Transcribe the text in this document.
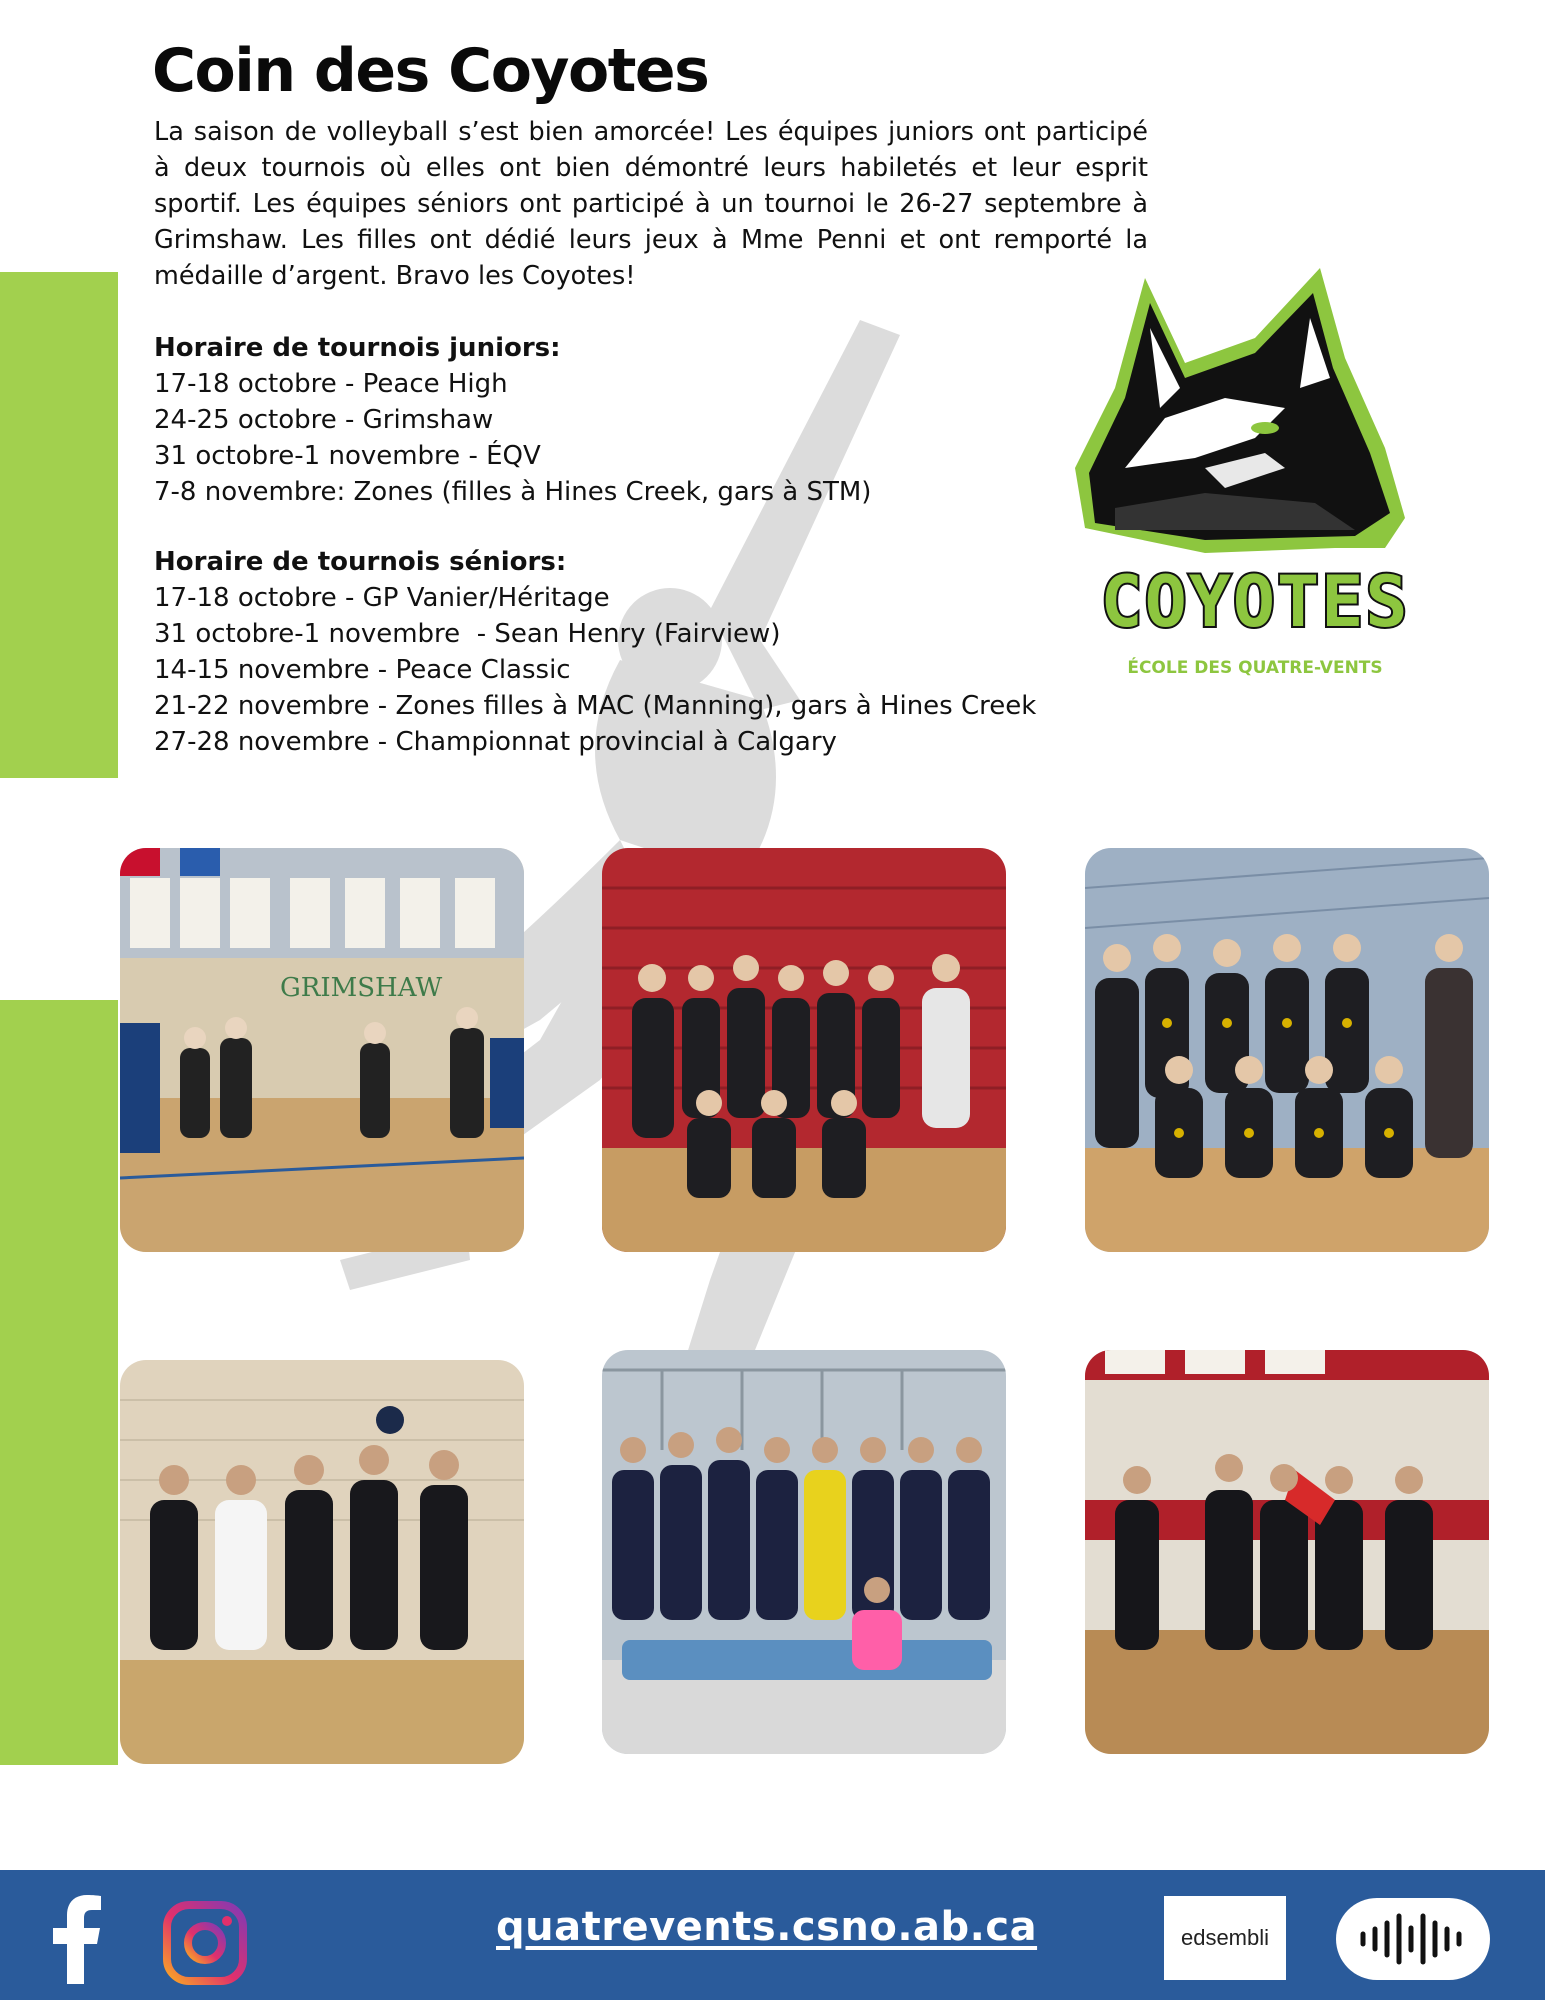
Coin des Coyotes

La saison de volleyball s’est bien amorcée! Les équipes juniors ont participé à deux tournois où elles ont bien démontré leurs habiletés et leur esprit sportif. Les équipes séniors ont participé à un tournoi le 26-27 septembre à Grimshaw. Les filles ont dédié leurs jeux à Mme Penni et ont remporté la médaille d’argent. Bravo les Coyotes!

Horaire de tournois juniors:
17-18 octobre - Peace High
24-25 octobre - Grimshaw
31 octobre-1 novembre - ÉQV
7-8 novembre: Zones (filles à Hines Creek, gars à STM)
Horaire de tournois séniors:
17-18 octobre - GP Vanier/Héritage
31 octobre-1 novembre  - Sean Henry (Fairview)
14-15 novembre - Peace Classic
21-22 novembre - Zones filles à MAC (Manning), gars à Hines Creek
27-28 novembre - Championnat provincial à Calgary
COYOTES
ÉCOLE DES QUATRE-VENTS
GRIMSHAW
quatrevents.csno.ab.ca	edsembli
